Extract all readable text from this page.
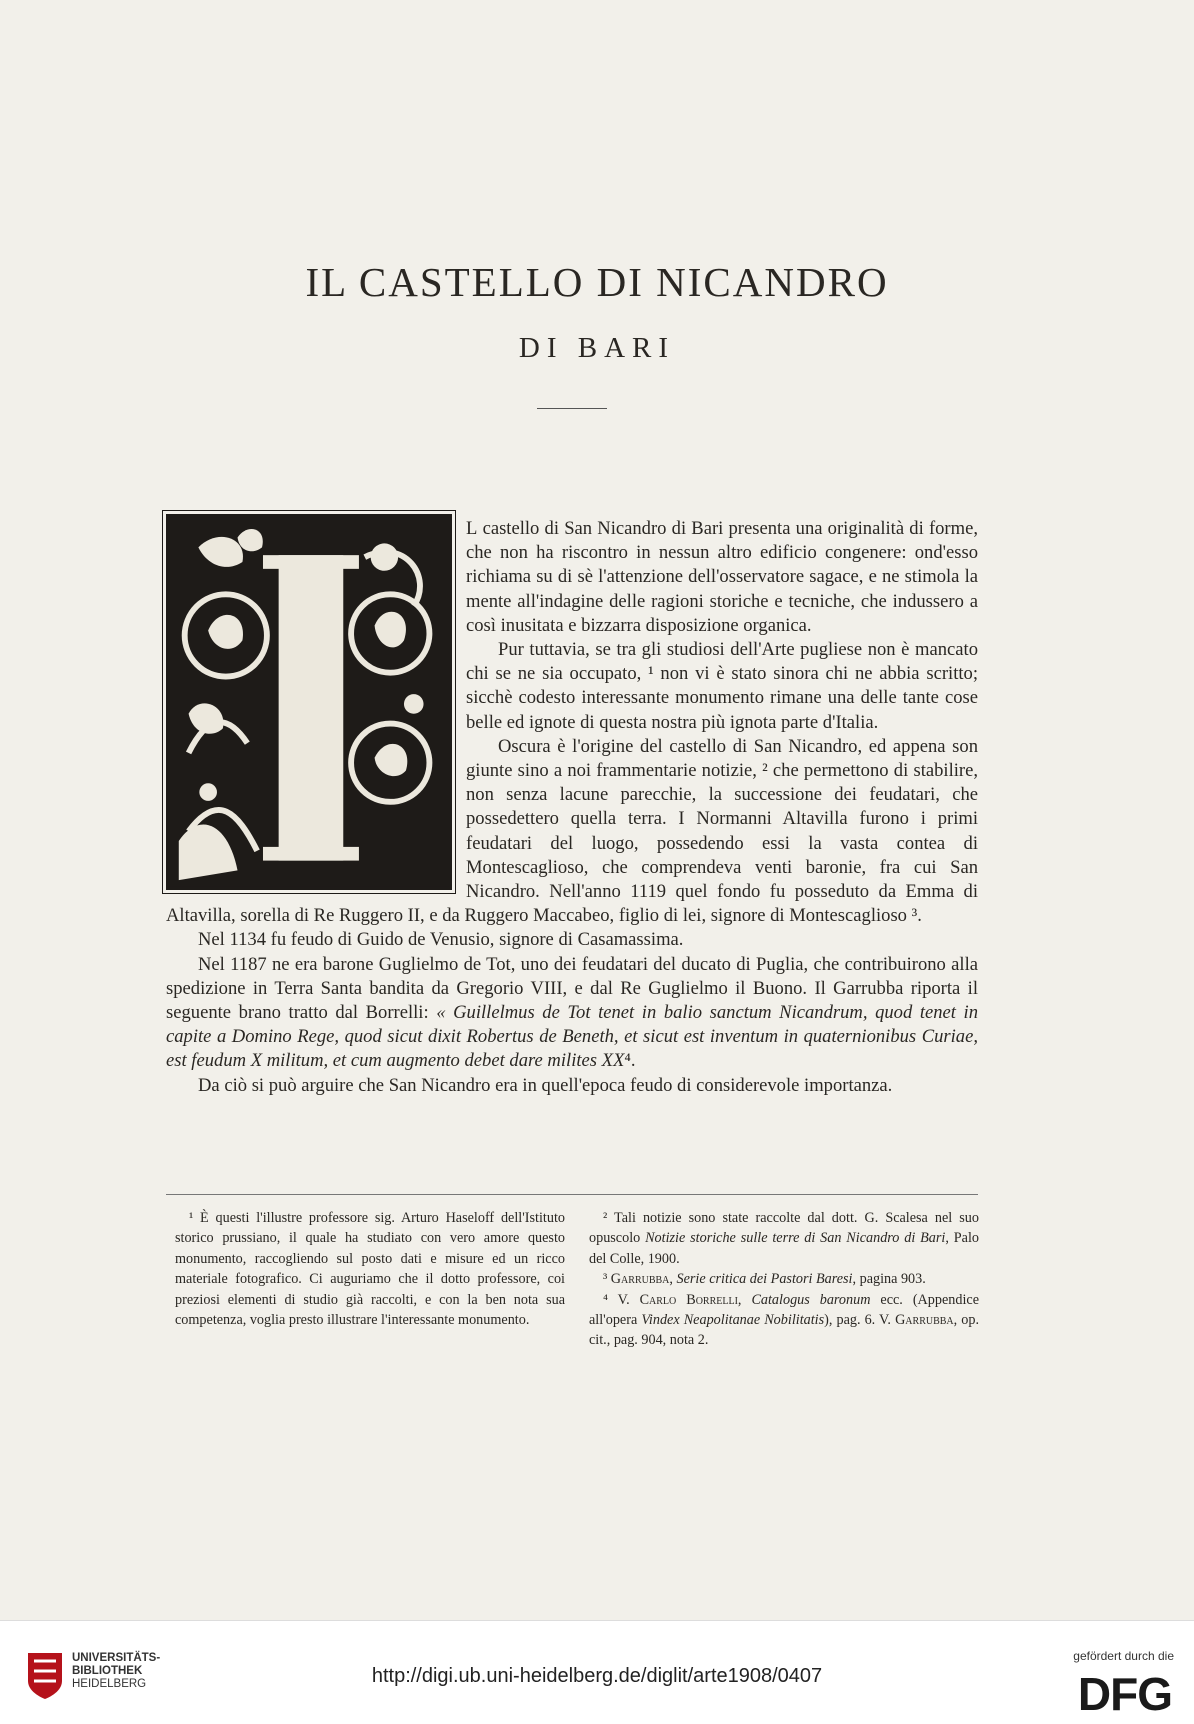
IL CASTELLO DI NICANDRO
DI BARI

L castello di San Nicandro di Bari presenta una originalità di forme, che non ha riscontro in nessun altro edificio congenere: ond'esso richiama su di sè l'attenzione dell'osservatore sagace, e ne stimola la mente all'indagine delle ragioni storiche e tecniche, che indussero a così inusitata e bizzarra disposizione organica.

Pur tuttavia, se tra gli studiosi dell'Arte pugliese non è mancato chi se ne sia occupato, ¹ non vi è stato sinora chi ne abbia scritto; sicchè codesto interessante monumento rimane una delle tante cose belle ed ignote di questa nostra più ignota parte d'Italia.

Oscura è l'origine del castello di San Nicandro, ed appena son giunte sino a noi frammentarie notizie, ² che permettono di stabilire, non senza lacune parecchie, la successione dei feudatari, che possedettero quella terra. I Normanni Altavilla furono i primi feudatari del luogo, possedendo essi la vasta contea di Montescaglioso, che comprendeva venti baronie, fra cui San Nicandro. Nell'anno 1119 quel fondo fu posseduto da Emma di Altavilla, sorella di Re Ruggero II, e da Ruggero Maccabeo, figlio di lei, signore di Montescaglioso ³.

Nel 1134 fu feudo di Guido de Venusio, signore di Casamassima.

Nel 1187 ne era barone Guglielmo de Tot, uno dei feudatari del ducato di Puglia, che contribuirono alla spedizione in Terra Santa bandita da Gregorio VIII, e dal Re Guglielmo il Buono. Il Garrubba riporta il seguente brano tratto dal Borrelli: « Guillelmus de Tot tenet in balio sanctum Nicandrum, quod tenet in capite a Domino Rege, quod sicut dixit Robertus de Beneth, et sicut est inventum in quaternionibus Curiae, est feudum X militum, et cum augmento debet dare milites XX⁴.

Da ciò si può arguire che San Nicandro era in quell'epoca feudo di considerevole importanza.

¹ È questi l'illustre professore sig. Arturo Haseloff dell'Istituto storico prussiano, il quale ha studiato con vero amore questo monumento, raccogliendo sul posto dati e misure ed un ricco materiale fotografico. Ci auguriamo che il dotto professore, coi preziosi elementi di studio già raccolti, e con la ben nota sua competenza, voglia presto illustrare l'interessante monumento.

² Tali notizie sono state raccolte dal dott. G. Scalesa nel suo opuscolo Notizie storiche sulle terre di San Nicandro di Bari, Palo del Colle, 1900.

³ Garrubba, Serie critica dei Pastori Baresi, pagina 903.

⁴ V. Carlo Borrelli, Catalogus baronum ecc. (Appendice all'opera Vindex Neapolitanae Nobilitatis), pag. 6. V. Garrubba, op. cit., pag. 904, nota 2.

UNIVERSITÄTS-
BIBLIOTHEK
HEIDELBERG	http://digi.ub.uni-heidelberg.de/diglit/arte1908/0407
gefördert durch die
DFG
